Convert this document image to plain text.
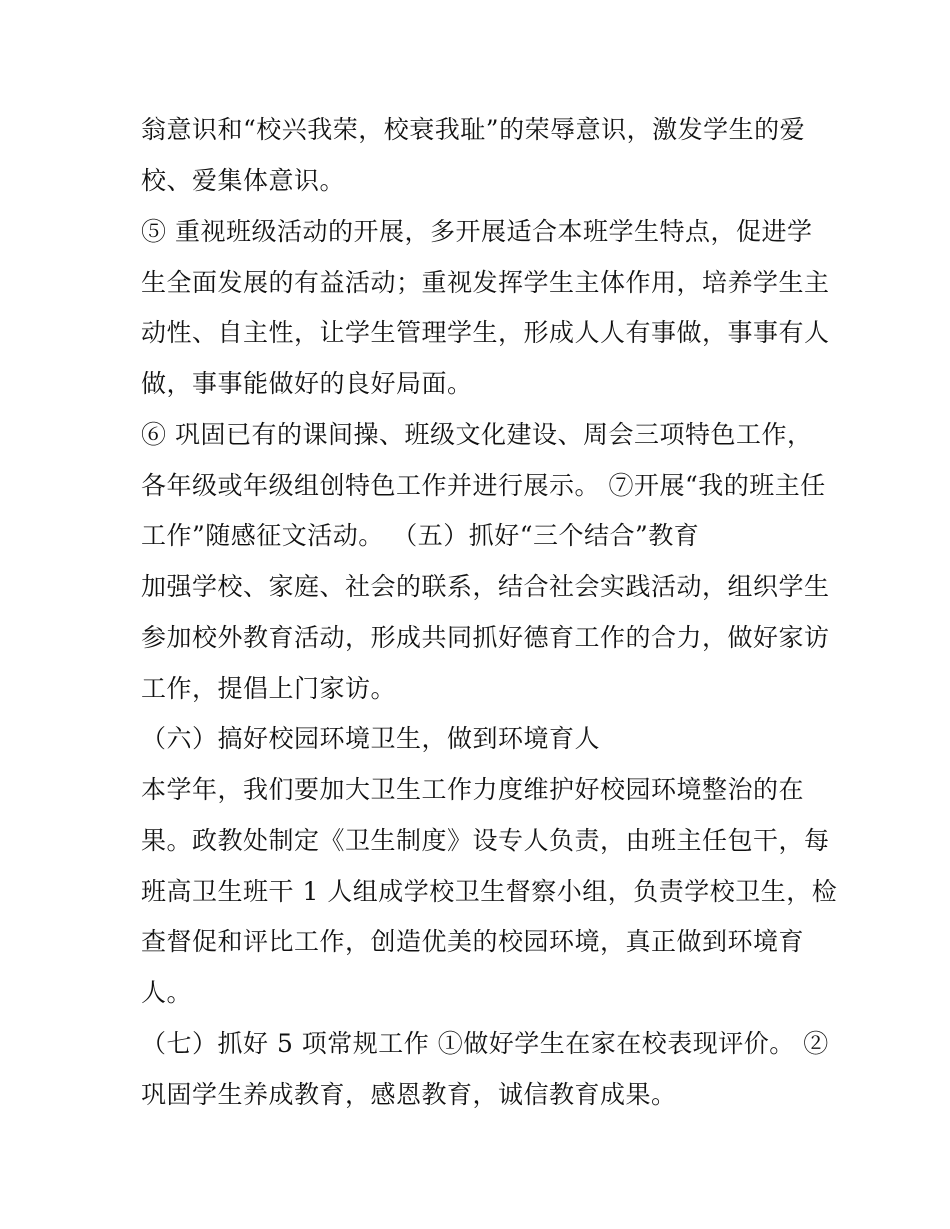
翁意识和“校兴我荣，校衰我耻”的荣辱意识，激发学生的爱
校、爱集体意识。
⑤ 重视班级活动的开展，多开展适合本班学生特点，促进学
生全面发展的有益活动；重视发挥学生主体作用，培养学生主
动性、自主性，让学生管理学生，形成人人有事做，事事有人
做，事事能做好的良好局面。
⑥ 巩固已有的课间操、班级文化建设、周会三项特色工作，
各年级或年级组创特色工作并进行展示。 ⑦开展“我的班主任
工作”随感征文活动。 （五）抓好“三个结合”教育
加强学校、家庭、社会的联系，结合社会实践活动，组织学生
参加校外教育活动，形成共同抓好德育工作的合力，做好家访
工作，提倡上门家访。
（六）搞好校园环境卫生，做到环境育人
本学年，我们要加大卫生工作力度维护好校园环境整治的在
果。政教处制定《卫生制度》设专人负责，由班主任包干，每
班高卫生班干 1 人组成学校卫生督察小组，负责学校卫生，检
查督促和评比工作，创造优美的校园环境，真正做到环境育
人。
（七）抓好 5 项常规工作 ①做好学生在家在校表现评价。 ②
巩固学生养成教育，感恩教育，诚信教育成果。
